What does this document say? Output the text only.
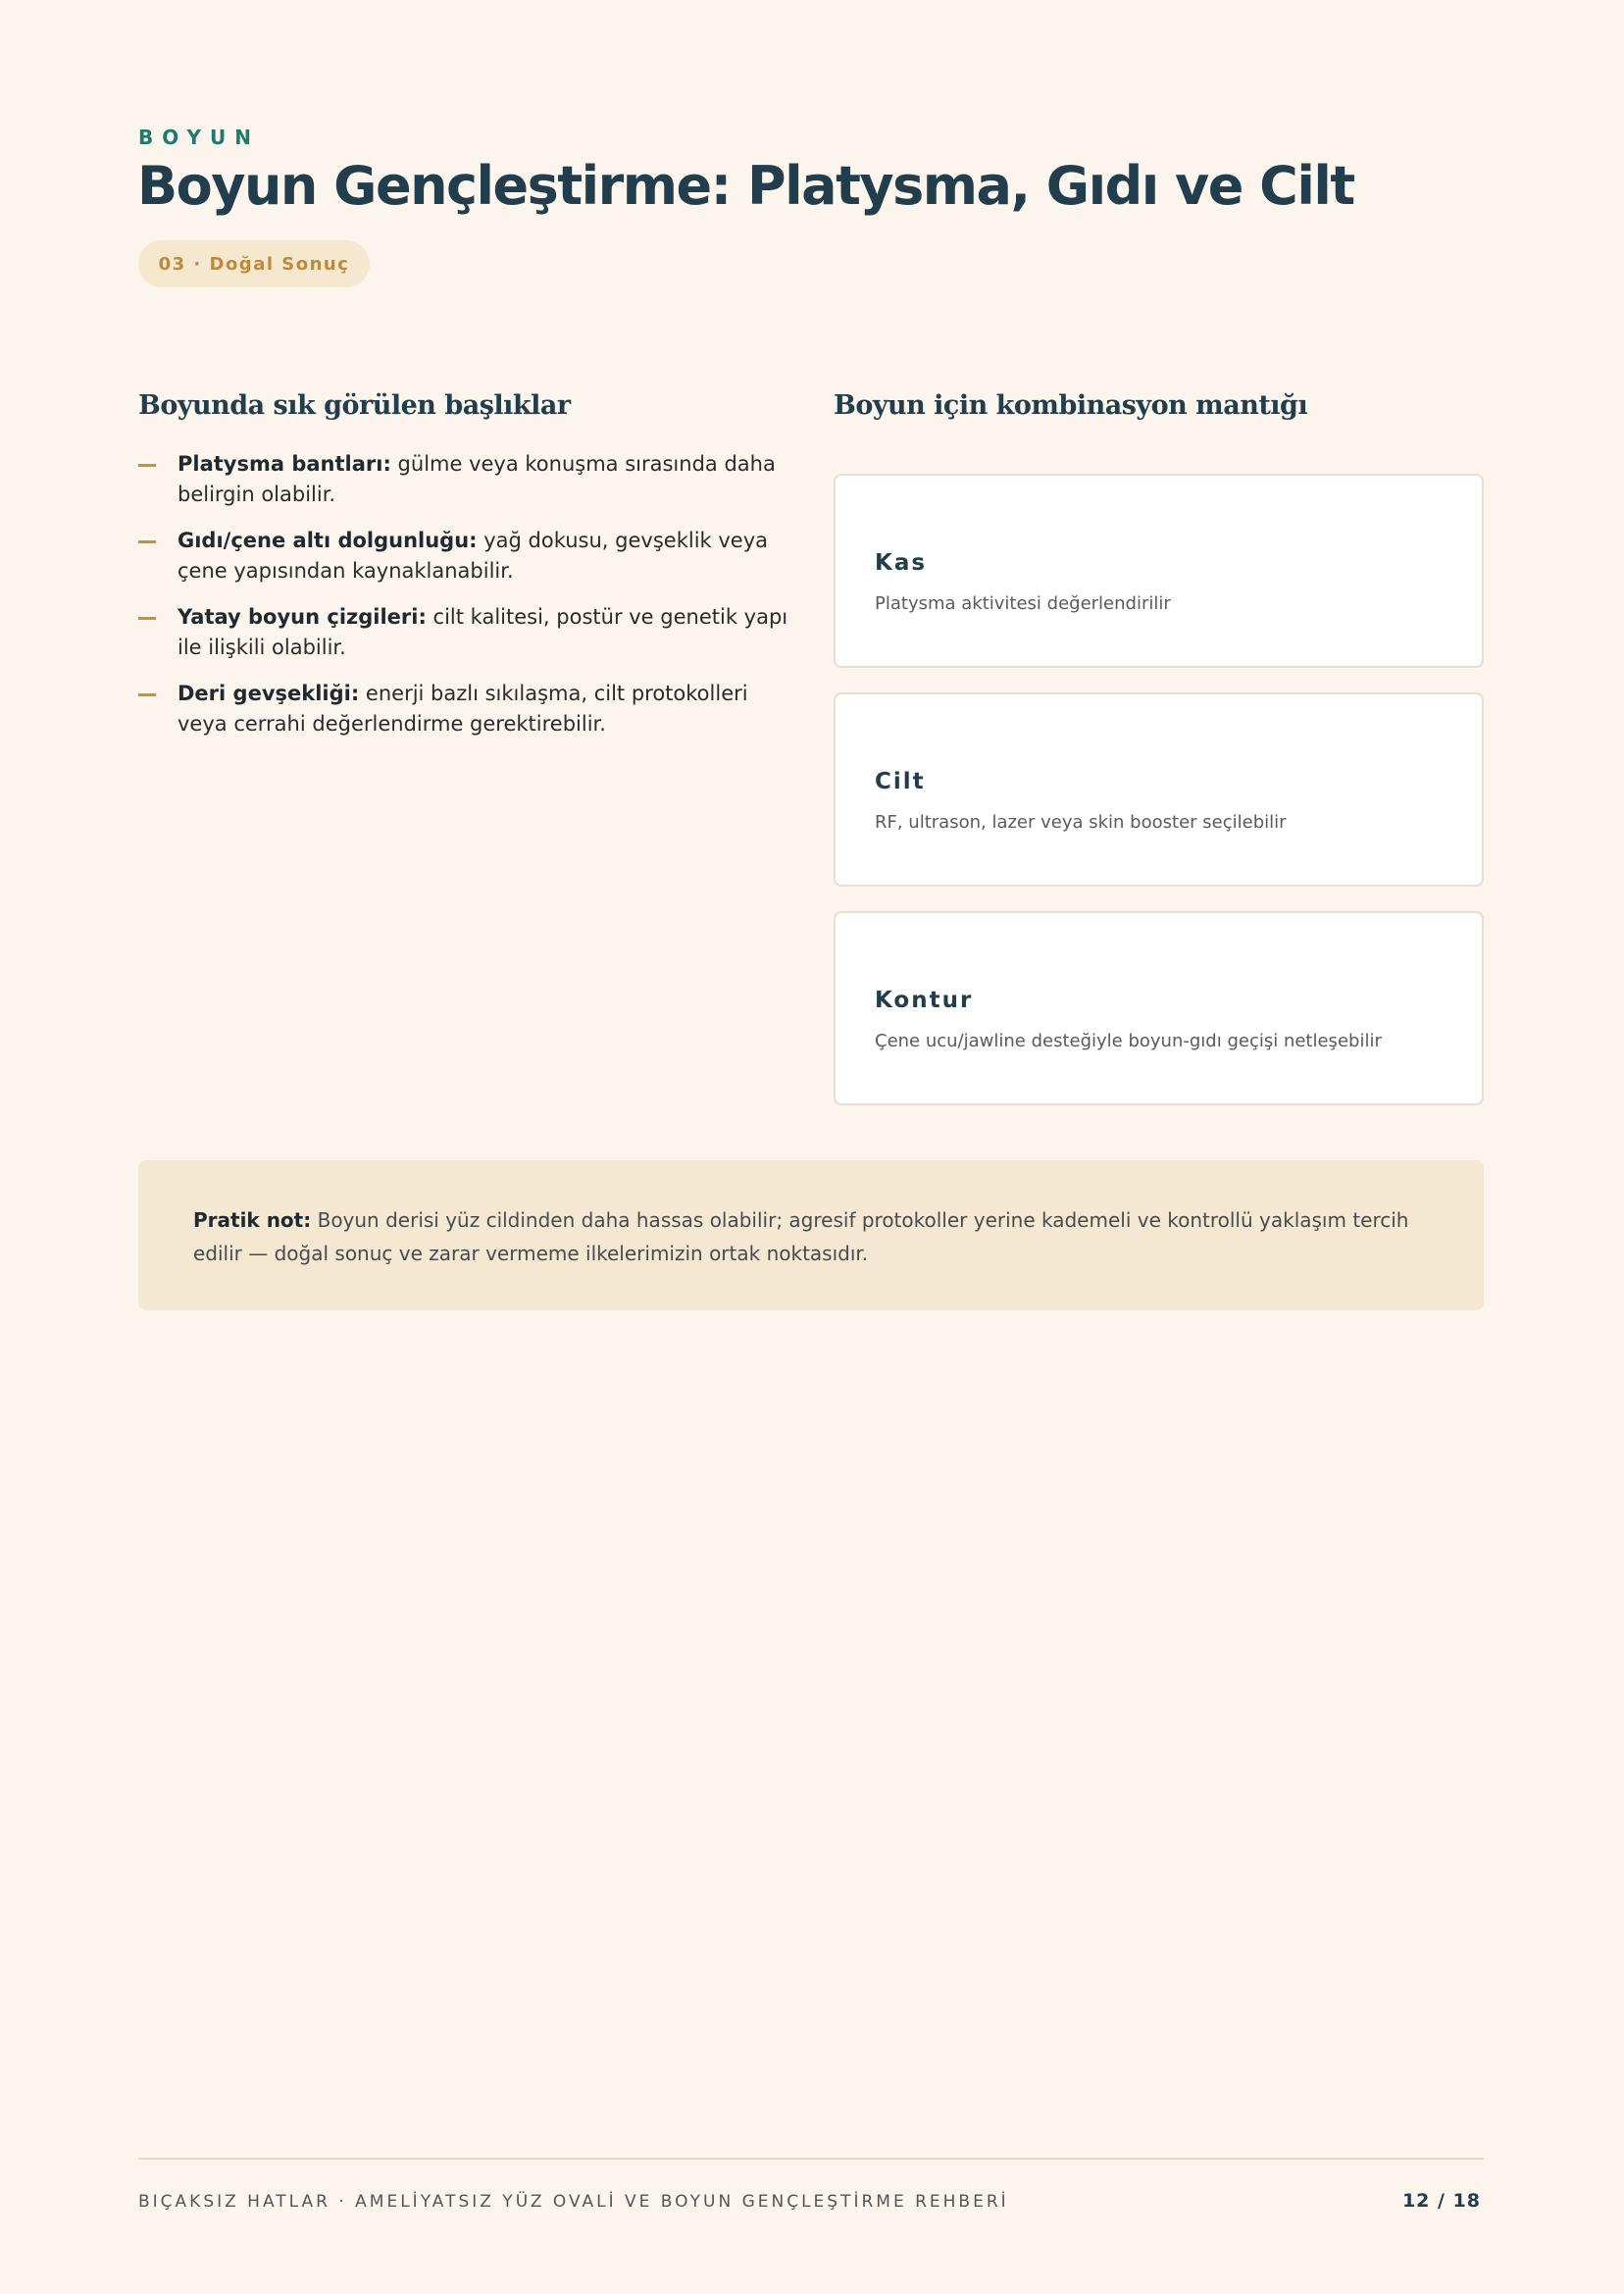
BOYUN
Boyun Gençleştirme: Platysma, Gıdı ve Cilt
03 · Doğal Sonuç
Boyunda sık görülen başlıklar
Platysma bantları: gülme veya konuşma sırasında daha belirgin olabilir.
Gıdı/çene altı dolgunluğu: yağ dokusu, gevşeklik veya çene yapısından kaynaklanabilir.
Yatay boyun çizgileri: cilt kalitesi, postür ve genetik yapı ile ilişkili olabilir.
Deri gevşekliği: enerji bazlı sıkılaşma, cilt protokolleri veya cerrahi değerlendirme gerektirebilir.
Boyun için kombinasyon mantığı

Kas

Platysma aktivitesi değerlendirilir

Cilt

RF, ultrason, lazer veya skin booster seçilebilir

Kontur

Çene ucu/jawline desteğiyle boyun-gıdı geçişi netleşebilir

Pratik not: Boyun derisi yüz cildinden daha hassas olabilir; agresif protokoller yerine kademeli ve kontrollü yaklaşım tercih edilir — doğal sonuç ve zarar vermeme ilkelerimizin ortak noktasıdır.
BIÇAKSIZ HATLAR · AMELİYATSIZ YÜZ OVALİ VE BOYUN GENÇLEŞTİRME REHBERİ	12 / 18
